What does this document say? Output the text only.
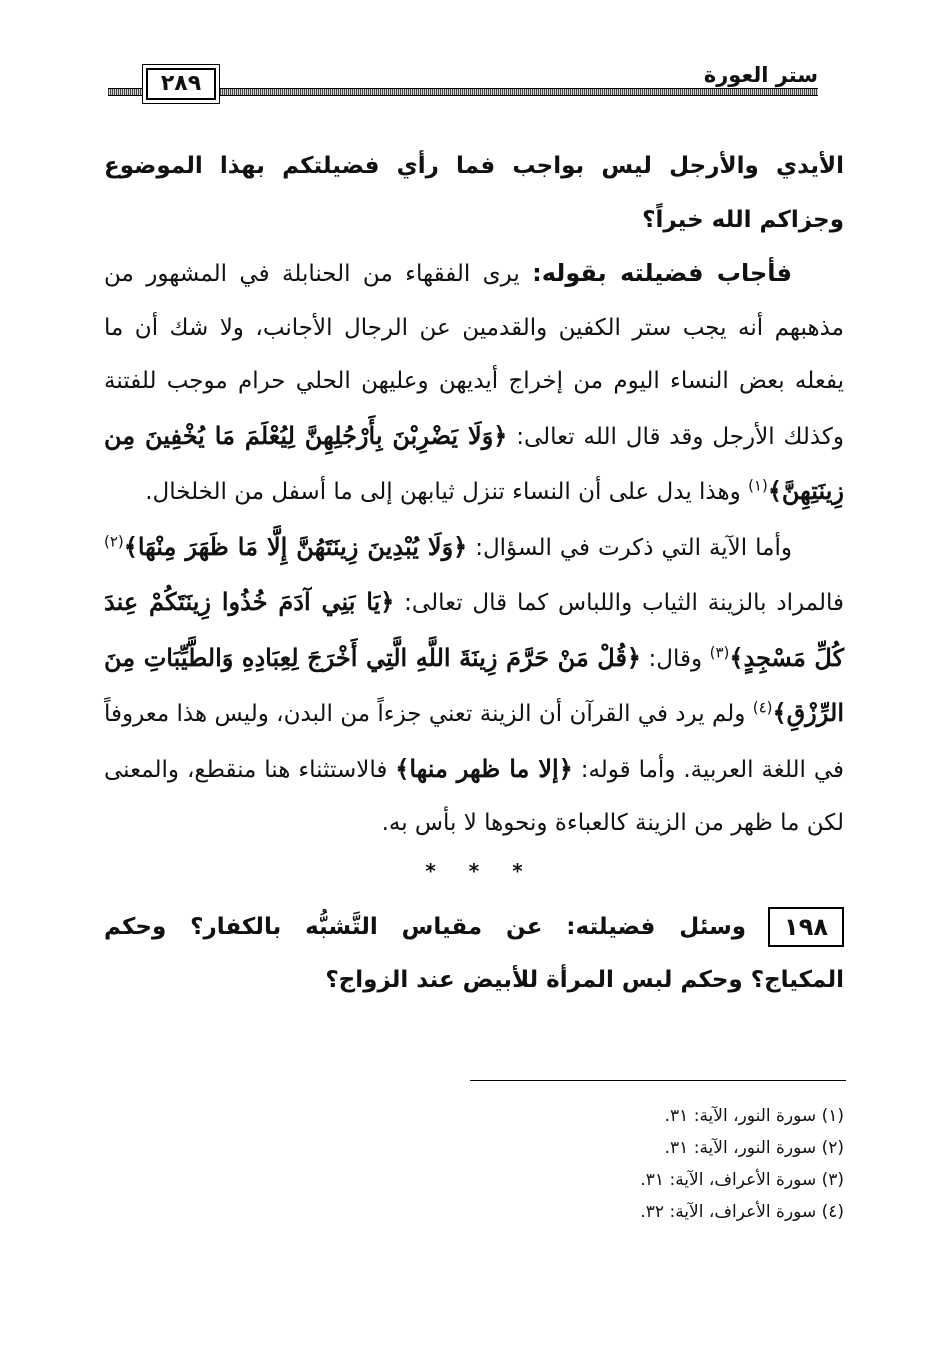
٢٨٩	ستر العورة

الأيدي والأرجل ليس بواجب فما رأي فضيلتكم بهذا الموضوع وجزاكم الله خيراً؟

فأجاب فضيلته بقوله: يرى الفقهاء من الحنابلة في المشهور من مذهبهم أنه يجب ستر الكفين والقدمين عن الرجال الأجانب، ولا شك أن ما يفعله بعض النساء اليوم من إخراج أيديهن وعليهن الحلي حرام موجب للفتنة وكذلك الأرجل وقد قال الله تعالى: ﴿وَلَا يَضْرِبْنَ بِأَرْجُلِهِنَّ لِيُعْلَمَ مَا يُخْفِينَ مِن زِينَتِهِنَّ﴾$^{(١)}$ وهذا يدل على أن النساء تنزل ثيابهن إلى ما أسفل من الخلخال.

وأما الآية التي ذكرت في السؤال: ﴿وَلَا يُبْدِينَ زِينَتَهُنَّ إِلَّا مَا ظَهَرَ مِنْهَا﴾$^{(٢)}$ فالمراد بالزينة الثياب واللباس كما قال تعالى: ﴿يَا بَنِي آدَمَ خُذُوا زِينَتَكُمْ عِندَ كُلِّ مَسْجِدٍ﴾$^{(٣)}$ وقال: ﴿قُلْ مَنْ حَرَّمَ زِينَةَ اللَّهِ الَّتِي أَخْرَجَ لِعِبَادِهِ وَالطَّيِّبَاتِ مِنَ الرِّزْقِ﴾$^{(٤)}$ ولم يرد في القرآن أن الزينة تعني جزءاً من البدن، وليس هذا معروفاً في اللغة العربية. وأما قوله: ﴿إلا ما ظهر منها﴾ فالاستثناء هنا منقطع، والمعنى لكن ما ظهر من الزينة كالعباءة ونحوها لا بأس به.

* * *

١٩٨وسئل فضيلته: عن مقياس التَّشبُّه بالكفار؟ وحكم المكياج؟ وحكم لبس المرأة للأبيض عند الزواج؟

(١) سورة النور، الآية: ٣١.
(٢) سورة النور، الآية: ٣١.
(٣) سورة الأعراف، الآية: ٣١.
(٤) سورة الأعراف، الآية: ٣٢.
